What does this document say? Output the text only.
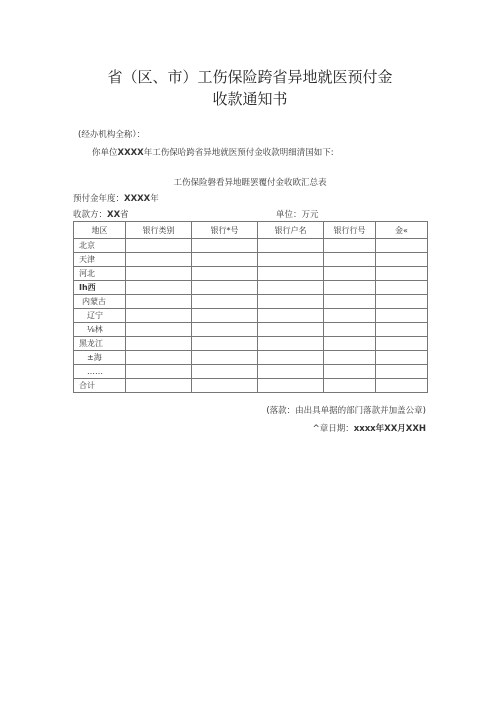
省（区、市）工伤保险跨省异地就医预付金
收款通知书
(经办机构全称）：
你单位XXXX年工伤保哈跨省异地就医预付金收款明细清国如下:
工伤保险磐看异地睚罢覆付金收欧汇总表
预付金年度：XXXX年
收款方：XX省	单位：万元
地区	银行类别	银行*号	银行户名	银行行号	金«
北京					
天津					
河北					
Ih西					
内蒙古					
辽宁					
⅛林					
黑龙江					
±海					
……					
合计					
(落款：由出具单据的部门落款并加盖公章)
^章日期：xxxx年XX月XXH
